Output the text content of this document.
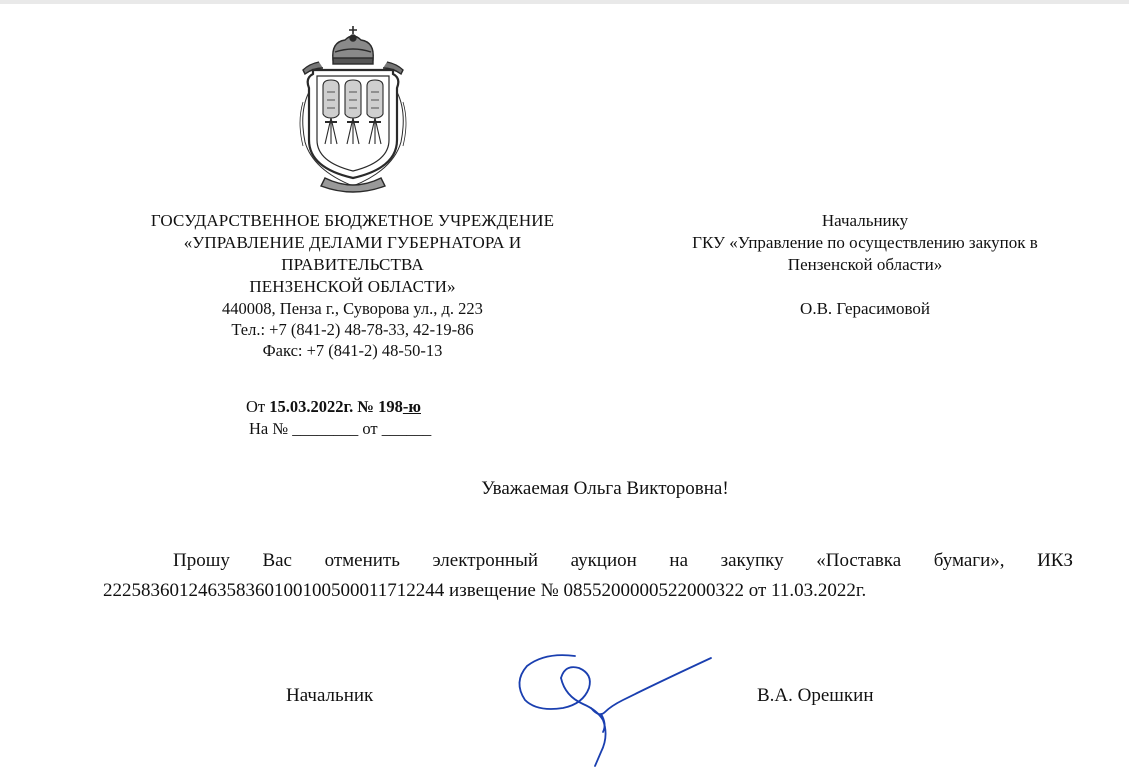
ГОСУДАРСТВЕННОЕ БЮДЖЕТНОЕ УЧРЕЖДЕНИЕ
«УПРАВЛЕНИЕ ДЕЛАМИ ГУБЕРНАТОРА И
ПРАВИТЕЛЬСТВА
ПЕНЗЕНСКОЙ ОБЛАСТИ»
440008, Пенза г., Суворова ул., д. 223
Тел.: +7 (841-2) 48-78-33, 42-19-86
Факс: +7 (841-2) 48-50-13
От 15.03.2022г. № 198-ю
На № ________ от ______
Начальнику
ГКУ «Управление по осуществлению закупок в
Пензенской области»
О.В. Герасимовой
Уважаемая Ольга Викторовна!
Прошу Вас отменить электронный аукцион на закупку «Поставка бумаги», ИКЗ
222583601246358360100100500011712244 извещение № 0855200000522000322 от 11.03.2022г.
Начальник	В.А. Орешкин
